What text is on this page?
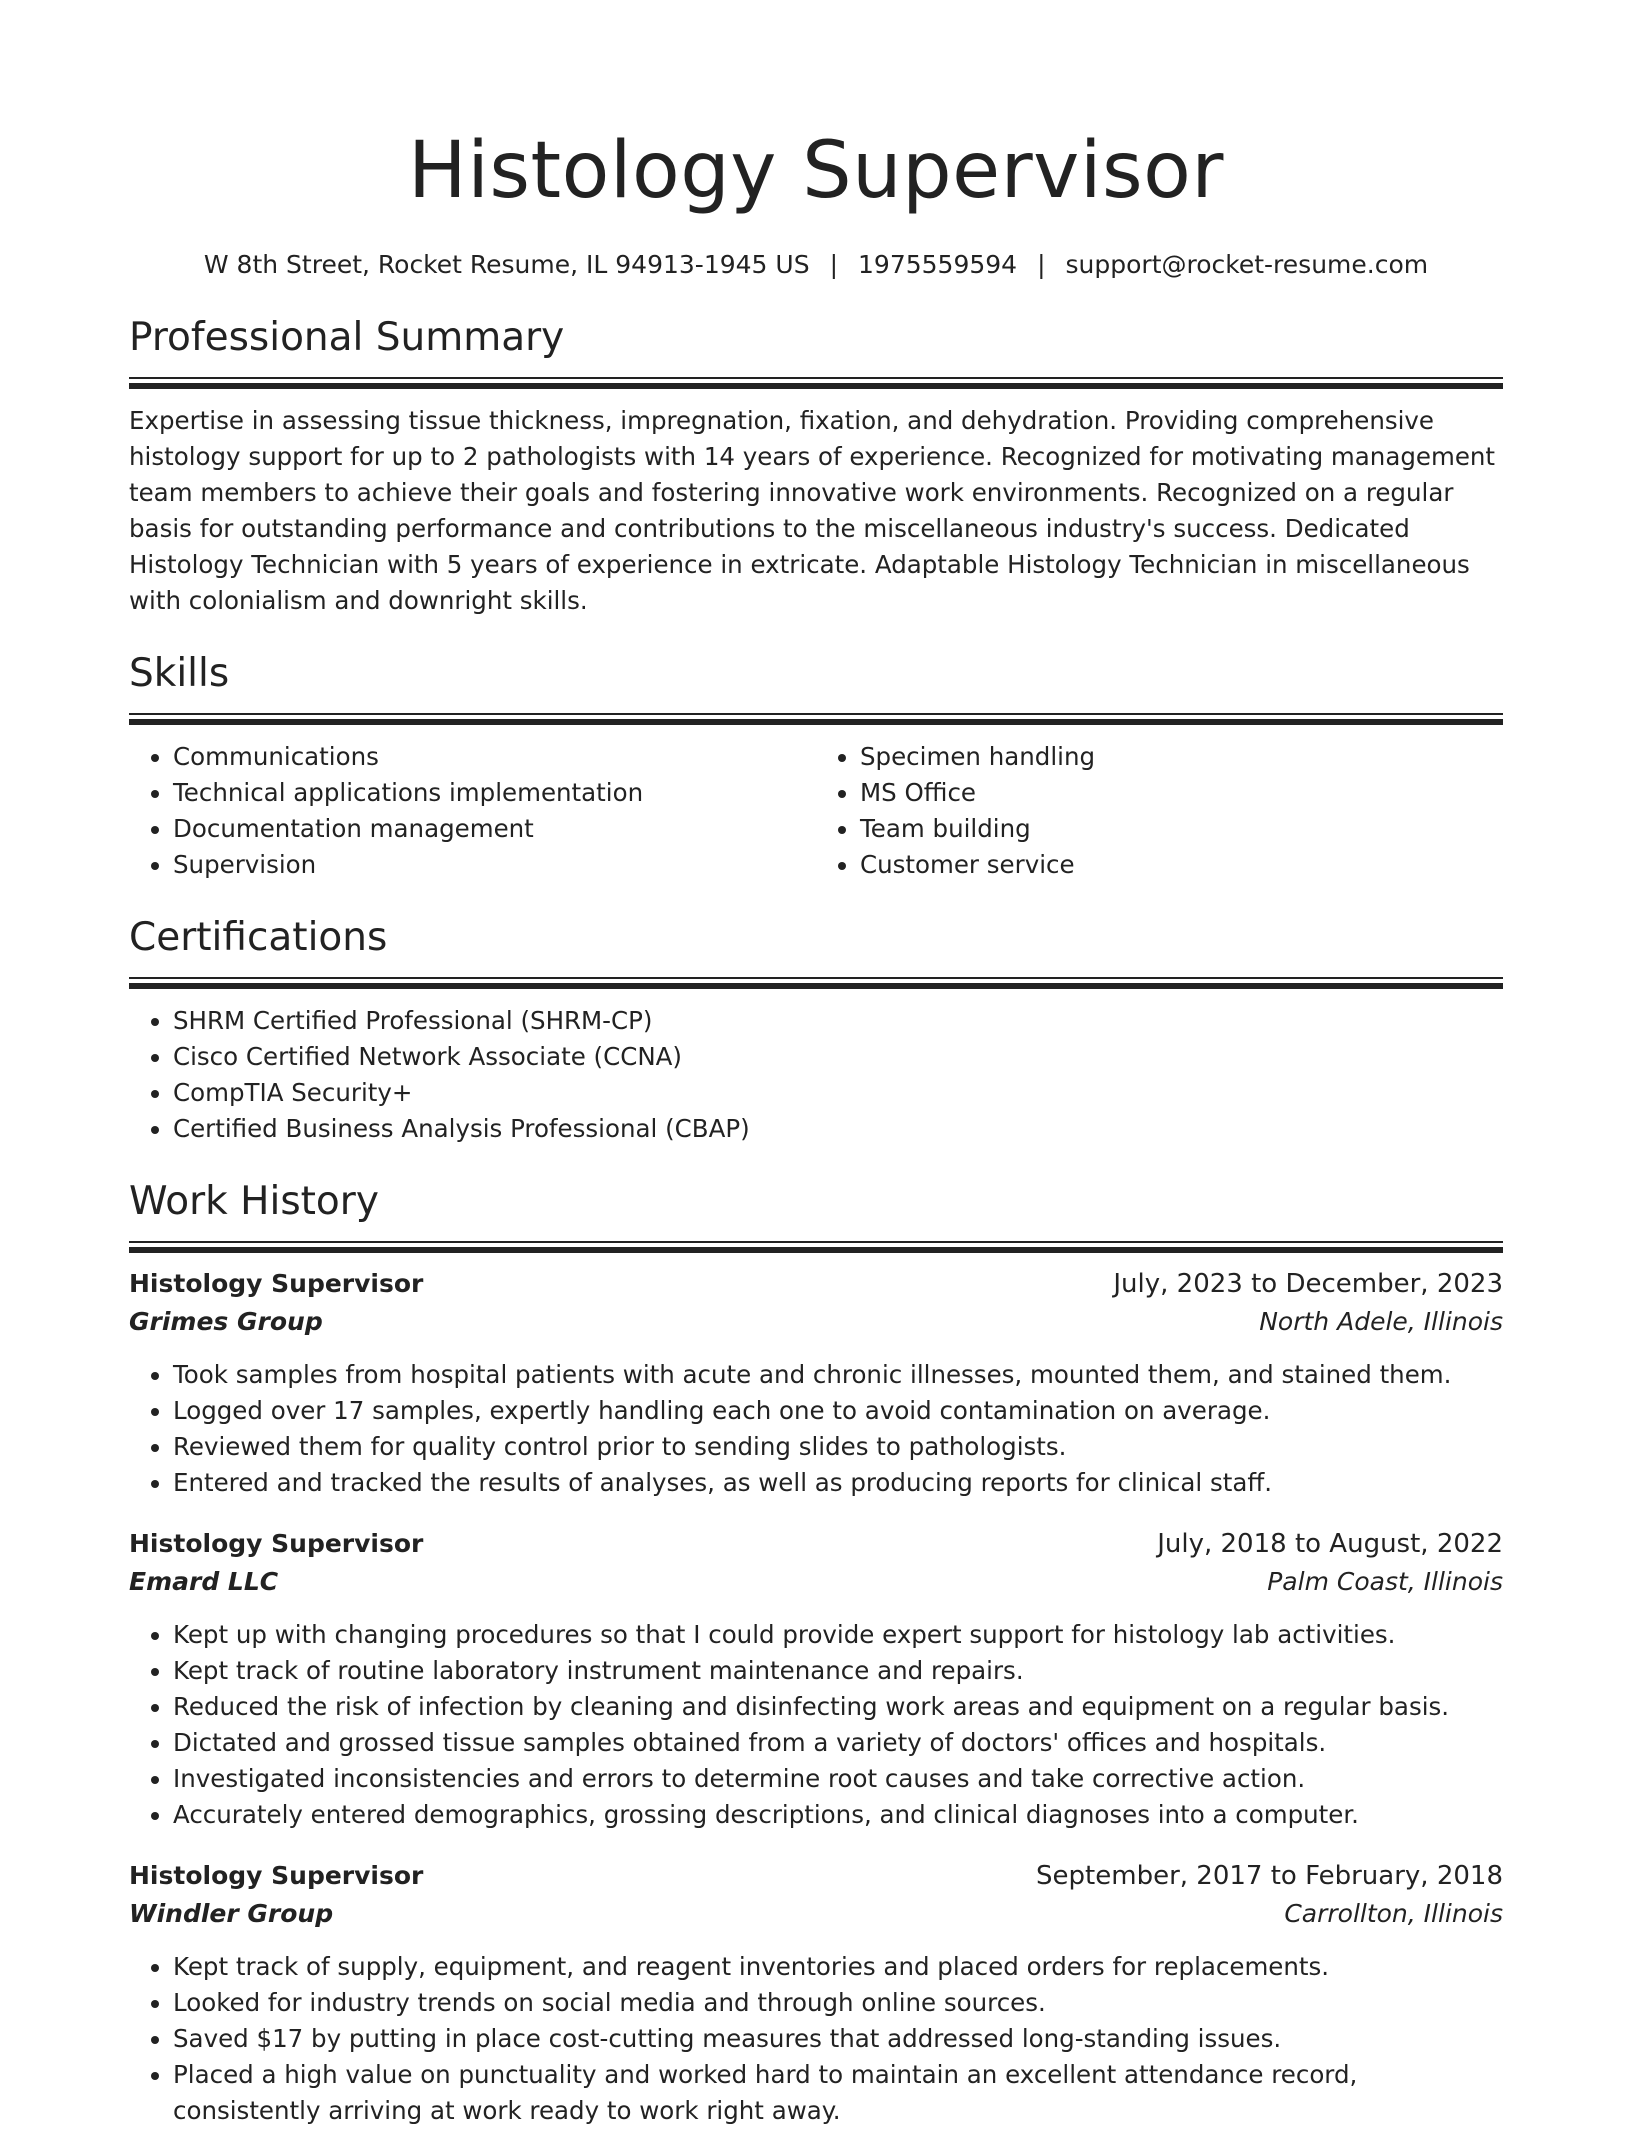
Histology Supervisor
W 8th Street, Rocket Resume, IL 94913-1945 US | 1975559594 | support@rocket-resume.com
Professional Summary

Expertise in assessing tissue thickness, impregnation, fixation, and dehydration. Providing comprehensive histology support for up to 2 pathologists with 14 years of experience. Recognized for motivating management team members to achieve their goals and fostering innovative work environments. Recognized on a regular basis for outstanding performance and contributions to the miscellaneous industry's success. Dedicated Histology Technician with 5 years of experience in extricate. Adaptable Histology Technician in miscellaneous with colonialism and downright skills.

Skills
• Communications
• Technical applications implementation
• Documentation management
• Supervision
• Specimen handling
• MS Office
• Team building
• Customer service
Certifications
• SHRM Certified Professional (SHRM-CP)
• Cisco Certified Network Associate (CCNA)
• CompTIA Security+
• Certified Business Analysis Professional (CBAP)
Work History
Histology Supervisor	July, 2023 to December, 2023
Grimes Group	North Adele, Illinois
• Took samples from hospital patients with acute and chronic illnesses, mounted them, and stained them.
• Logged over 17 samples, expertly handling each one to avoid contamination on average.
• Reviewed them for quality control prior to sending slides to pathologists.
• Entered and tracked the results of analyses, as well as producing reports for clinical staff.
Histology Supervisor	July, 2018 to August, 2022
Emard LLC	Palm Coast, Illinois
• Kept up with changing procedures so that I could provide expert support for histology lab activities.
• Kept track of routine laboratory instrument maintenance and repairs.
• Reduced the risk of infection by cleaning and disinfecting work areas and equipment on a regular basis.
• Dictated and grossed tissue samples obtained from a variety of doctors' offices and hospitals.
• Investigated inconsistencies and errors to determine root causes and take corrective action.
• Accurately entered demographics, grossing descriptions, and clinical diagnoses into a computer.
Histology Supervisor	September, 2017 to February, 2018
Windler Group	Carrollton, Illinois
• Kept track of supply, equipment, and reagent inventories and placed orders for replacements.
• Looked for industry trends on social media and through online sources.
• Saved $17 by putting in place cost-cutting measures that addressed long-standing issues.
• Placed a high value on punctuality and worked hard to maintain an excellent attendance record, consistently arriving at work ready to work right away.
